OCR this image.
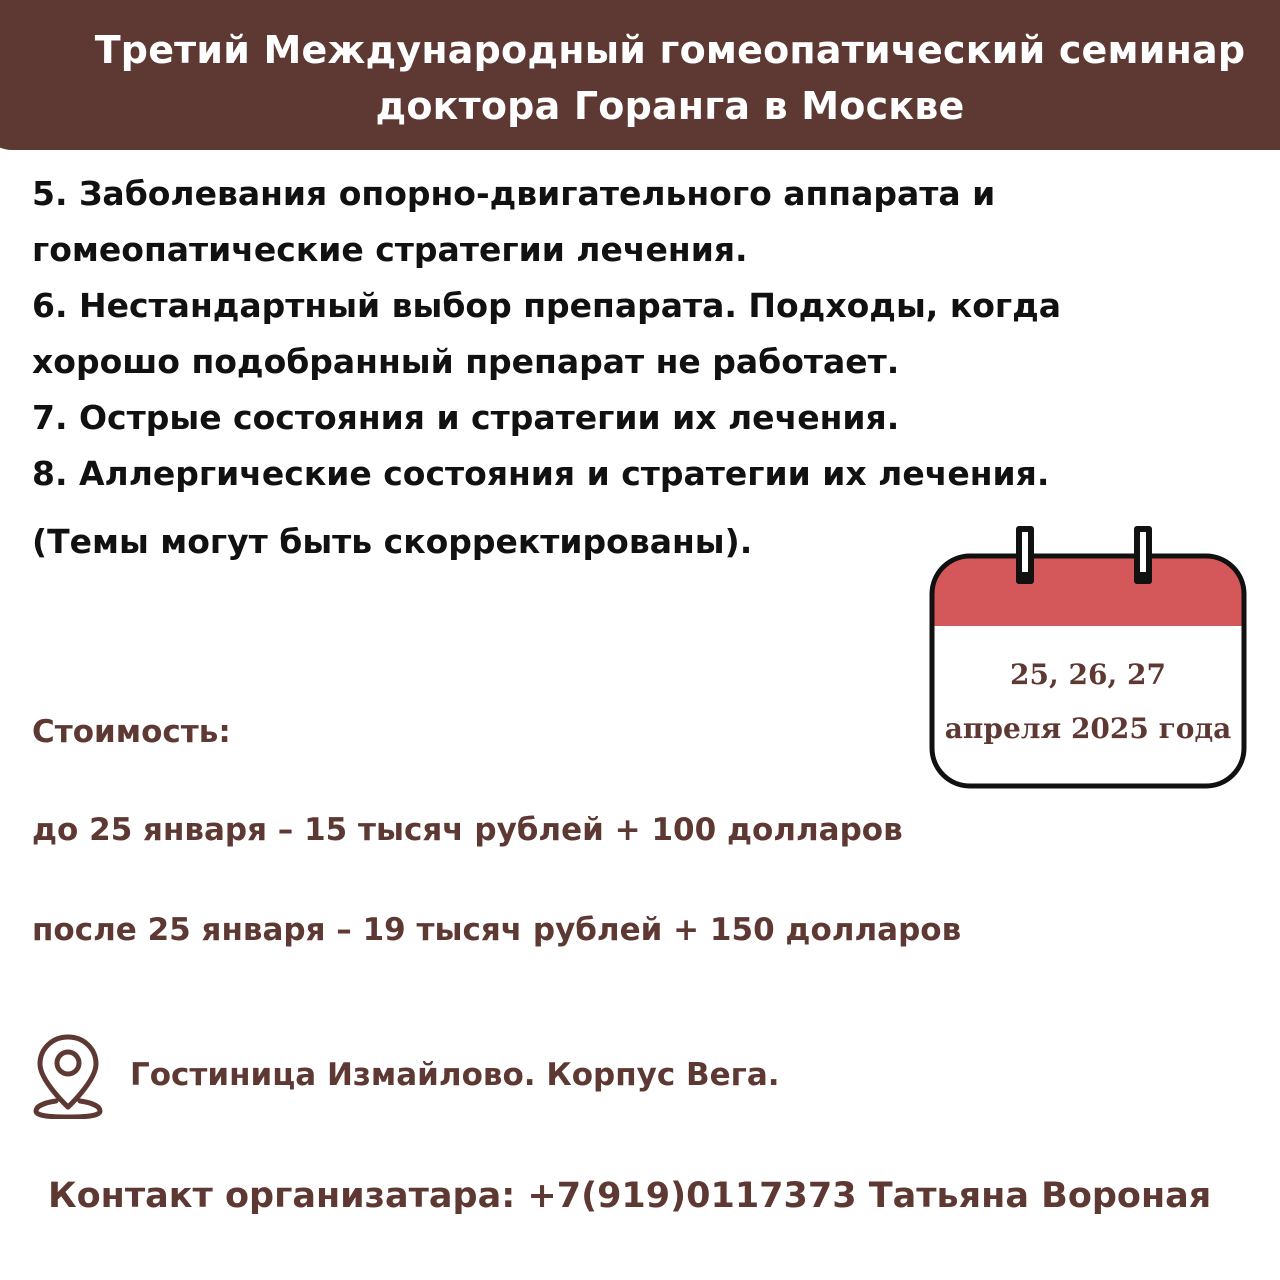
Третий Международный гомеопатический семинар
доктора Горанга в Москве

5. Заболевания опорно-двигательного аппарата и

гомеопатические стратегии лечения.

6. Нестандартный выбор препарата. Подходы, когда

хорошо подобранный препарат не работает.

7. Острые состояния и стратегии их лечения.

8. Аллергические состояния и стратегии их лечения.

(Темы могут быть скорректированы).
25, 26, 27
апреля 2025 года
Стоимость:
до 25 января – 15 тысяч рублей + 100 долларов
после 25 января – 19 тысяч рублей + 150 долларов
Гостиница Измайлово. Корпус Вега.
Контакт организатара: +7(919)0117373 Татьяна Вороная
